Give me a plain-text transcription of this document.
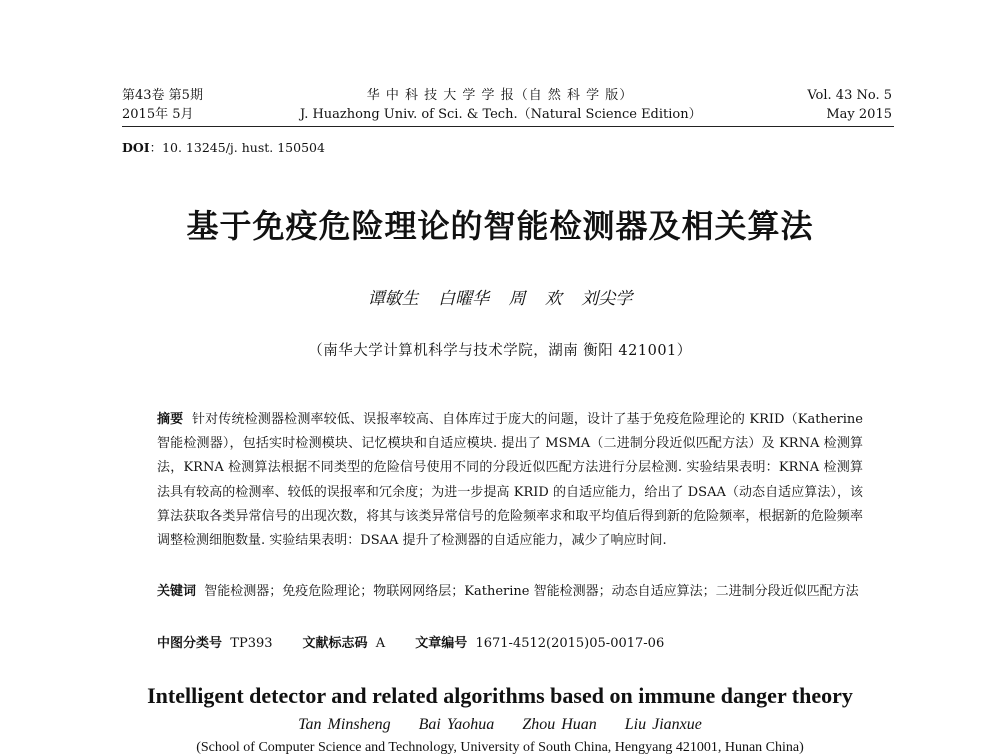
第43卷 第5期
2015年 5月
华 中 科 技 大 学 学 报（自 然 科 学 版）
J. Huazhong Univ. of Sci. & Tech.（Natural Science Edition）
Vol. 43 No. 5
May 2015
DOI：10. 13245/j. hust. 150504
基于免疫危险理论的智能检测器及相关算法
谭敏生 白曜华 周 欢 刘尖学
（南华大学计算机科学与技术学院，湖南 衡阳 421001）
摘要 针对传统检测器检测率较低、误报率较高、自体库过于庞大的问题，设计了基于免疫危险理论的 KRID（Katherine 智能检测器），包括实时检测模块、记忆模块和自适应模块. 提出了 MSMA（二进制分段近似匹配方法）及 KRNA 检测算法，KRNA 检测算法根据不同类型的危险信号使用不同的分段近似匹配方法进行分层检测. 实验结果表明：KRNA 检测算法具有较高的检测率、较低的误报率和冗余度；为进一步提高 KRID 的自适应能力，给出了 DSAA（动态自适应算法），该算法获取各类异常信号的出现次数，将其与该类异常信号的危险频率求和取平均值后得到新的危险频率，根据新的危险频率调整检测细胞数量. 实验结果表明：DSAA 提升了检测器的自适应能力，减少了响应时间.
关键词 智能检测器；免疫危险理论；物联网网络层；Katherine 智能检测器；动态自适应算法；二进制分段近似匹配方法
中图分类号 TP393 文献标志码 A 文章编号 1671-4512(2015)05-0017-06
Intelligent detector and related algorithms based on immune danger theory
Tan Minsheng Bai Yaohua Zhou Huan Liu Jianxue
(School of Computer Science and Technology, University of South China, Hengyang 421001, Hunan China)
